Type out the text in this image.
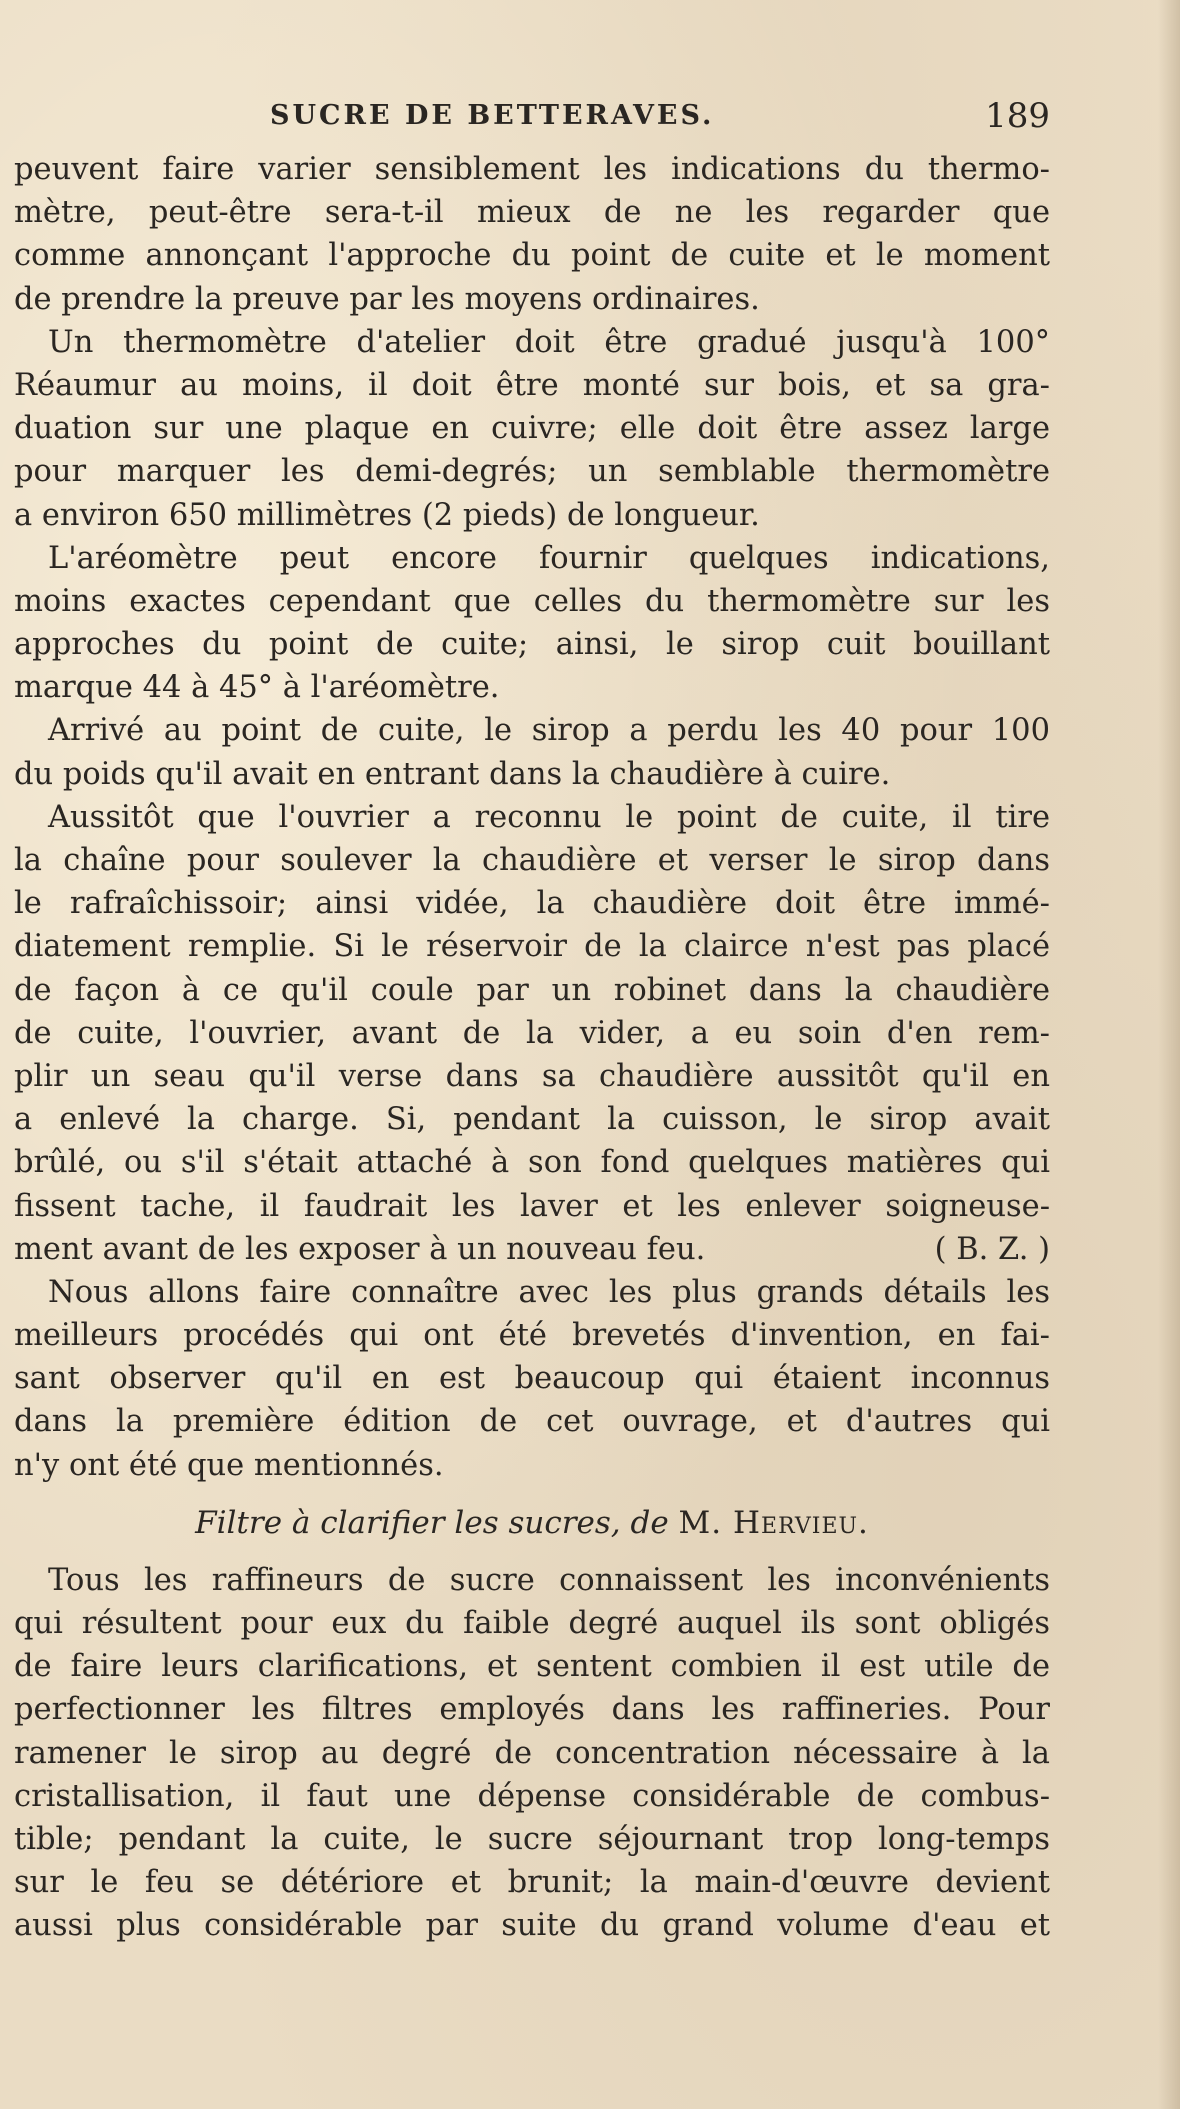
SUCRE DE BETTERAVES.	189
peuvent faire varier sensiblement les indications du thermo-
mètre, peut-être sera-t-il mieux de ne les regarder que
comme annonçant l'approche du point de cuite et le moment
de prendre la preuve par les moyens ordinaires.
Un thermomètre d'atelier doit être gradué jusqu'à 100°
Réaumur au moins, il doit être monté sur bois, et sa gra-
duation sur une plaque en cuivre; elle doit être assez large
pour marquer les demi-degrés; un semblable thermomètre
a environ 650 millimètres (2 pieds) de longueur.
L'aréomètre peut encore fournir quelques indications,
moins exactes cependant que celles du thermomètre sur les
approches du point de cuite; ainsi, le sirop cuit bouillant
marque 44 à 45° à l'aréomètre.
Arrivé au point de cuite, le sirop a perdu les 40 pour 100
du poids qu'il avait en entrant dans la chaudière à cuire.
Aussitôt que l'ouvrier a reconnu le point de cuite, il tire
la chaîne pour soulever la chaudière et verser le sirop dans
le rafraîchissoir; ainsi vidée, la chaudière doit être immé-
diatement remplie. Si le réservoir de la clairce n'est pas placé
de façon à ce qu'il coule par un robinet dans la chaudière
de cuite, l'ouvrier, avant de la vider, a eu soin d'en rem-
plir un seau qu'il verse dans sa chaudière aussitôt qu'il en
a enlevé la charge. Si, pendant la cuisson, le sirop avait
brûlé, ou s'il s'était attaché à son fond quelques matières qui
fissent tache, il faudrait les laver et les enlever soigneuse-
ment avant de les exposer à un nouveau feu.	( B. Z. )
Nous allons faire connaître avec les plus grands détails les
meilleurs procédés qui ont été brevetés d'invention, en fai-
sant observer qu'il en est beaucoup qui étaient inconnus
dans la première édition de cet ouvrage, et d'autres qui
n'y ont été que mentionnés.
Filtre à clarifier les sucres, de M. Hervieu.
Tous les raffineurs de sucre connaissent les inconvénients
qui résultent pour eux du faible degré auquel ils sont obligés
de faire leurs clarifications, et sentent combien il est utile de
perfectionner les filtres employés dans les raffineries. Pour
ramener le sirop au degré de concentration nécessaire à la
cristallisation, il faut une dépense considérable de combus-
tible; pendant la cuite, le sucre séjournant trop long-temps
sur le feu se détériore et brunit; la main-d'œuvre devient
aussi plus considérable par suite du grand volume d'eau et
